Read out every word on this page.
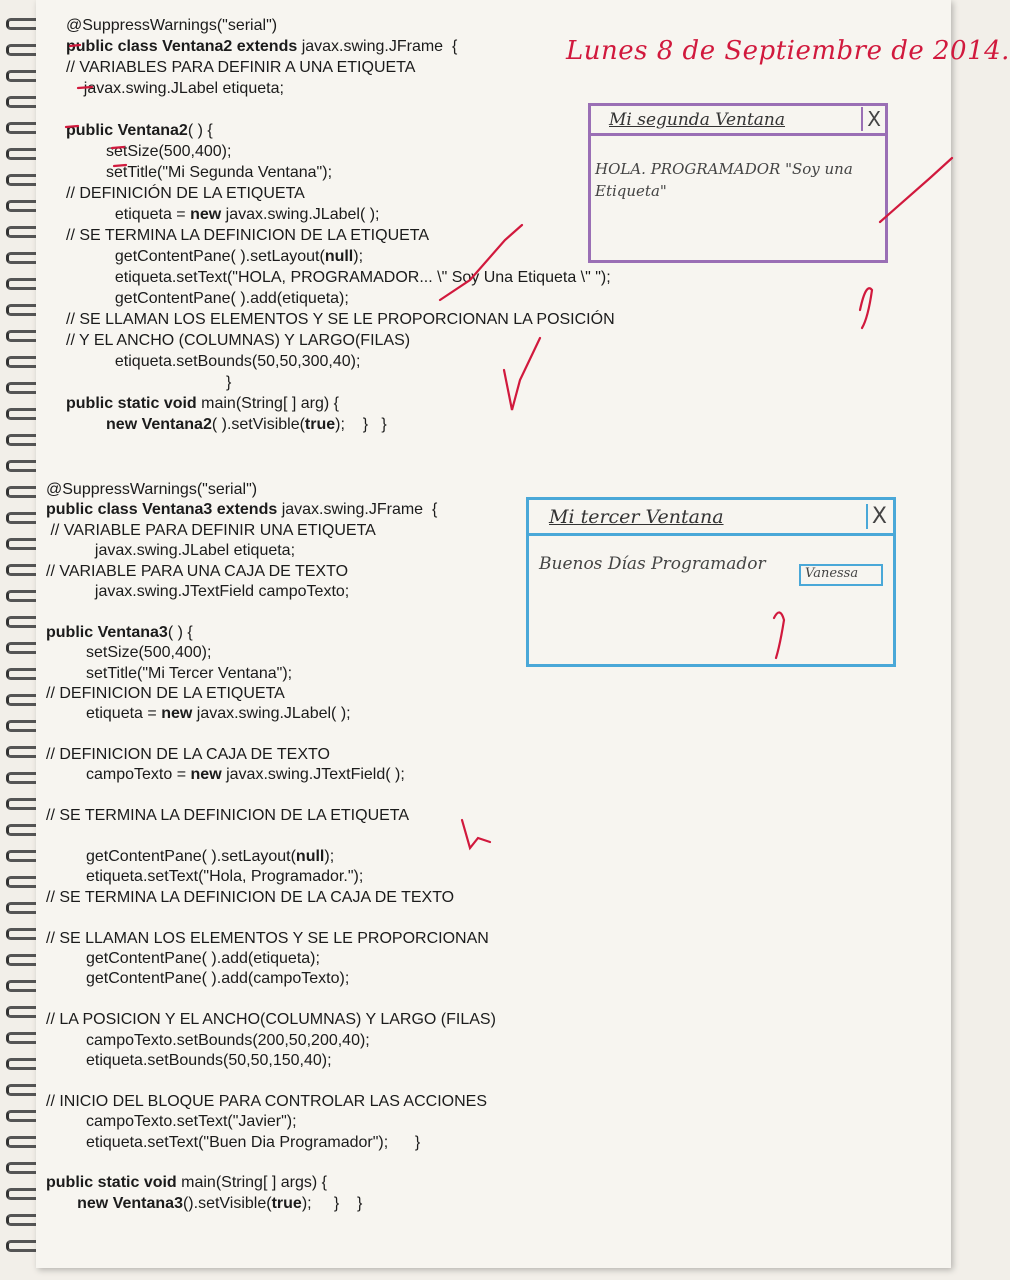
Lunes 8 de Septiembre de 2014.
@SuppressWarnings("serial")
public class Ventana2 extends javax.swing.JFrame  {
// VARIABLES PARA DEFINIR A UNA ETIQUETA
javax.swing.JLabel etiqueta;
public Ventana2( ) {
setSize(500,400);
setTitle("Mi Segunda Ventana");
// DEFINICIÓN DE LA ETIQUETA
etiqueta = new javax.swing.JLabel( );
// SE TERMINA LA DEFINICION DE LA ETIQUETA
getContentPane( ).setLayout(null);
etiqueta.setText("HOLA, PROGRAMADOR... \" Soy Una Etiqueta \" ");
getContentPane( ).add(etiqueta);
// SE LLAMAN LOS ELEMENTOS Y SE LE PROPORCIONAN LA POSICIÓN
// Y EL ANCHO (COLUMNAS) Y LARGO(FILAS)
etiqueta.setBounds(50,50,300,40);
}
public static void main(String[ ] arg) {
new Ventana2( ).setVisible(true);    }   }
@SuppressWarnings("serial")
public class Ventana3 extends javax.swing.JFrame  {
// VARIABLE PARA DEFINIR UNA ETIQUETA
javax.swing.JLabel etiqueta;
// VARIABLE PARA UNA CAJA DE TEXTO
javax.swing.JTextField campoTexto;
public Ventana3( ) {
setSize(500,400);
setTitle("Mi Tercer Ventana");
// DEFINICION DE LA ETIQUETA
etiqueta = new javax.swing.JLabel( );
// DEFINICION DE LA CAJA DE TEXTO
campoTexto = new javax.swing.JTextField( );
// SE TERMINA LA DEFINICION DE LA ETIQUETA
getContentPane( ).setLayout(null);
etiqueta.setText("Hola, Programador.");
// SE TERMINA LA DEFINICION DE LA CAJA DE TEXTO
// SE LLAMAN LOS ELEMENTOS Y SE LE PROPORCIONAN
getContentPane( ).add(etiqueta);
getContentPane( ).add(campoTexto);
// LA POSICION Y EL ANCHO(COLUMNAS) Y LARGO (FILAS)
campoTexto.setBounds(200,50,200,40);
etiqueta.setBounds(50,50,150,40);
// INICIO DEL BLOQUE PARA CONTROLAR LAS ACCIONES
campoTexto.setText("Javier");
etiqueta.setText("Buen Dia Programador");      }
public static void main(String[ ] args) {
new Ventana3().setVisible(true);     }    }
Mi segunda Ventana	X
HOLA. PROGRAMADOR "Soy una Etiqueta"
Mi tercer Ventana	X
Buenos Días Programador	Vanessa
